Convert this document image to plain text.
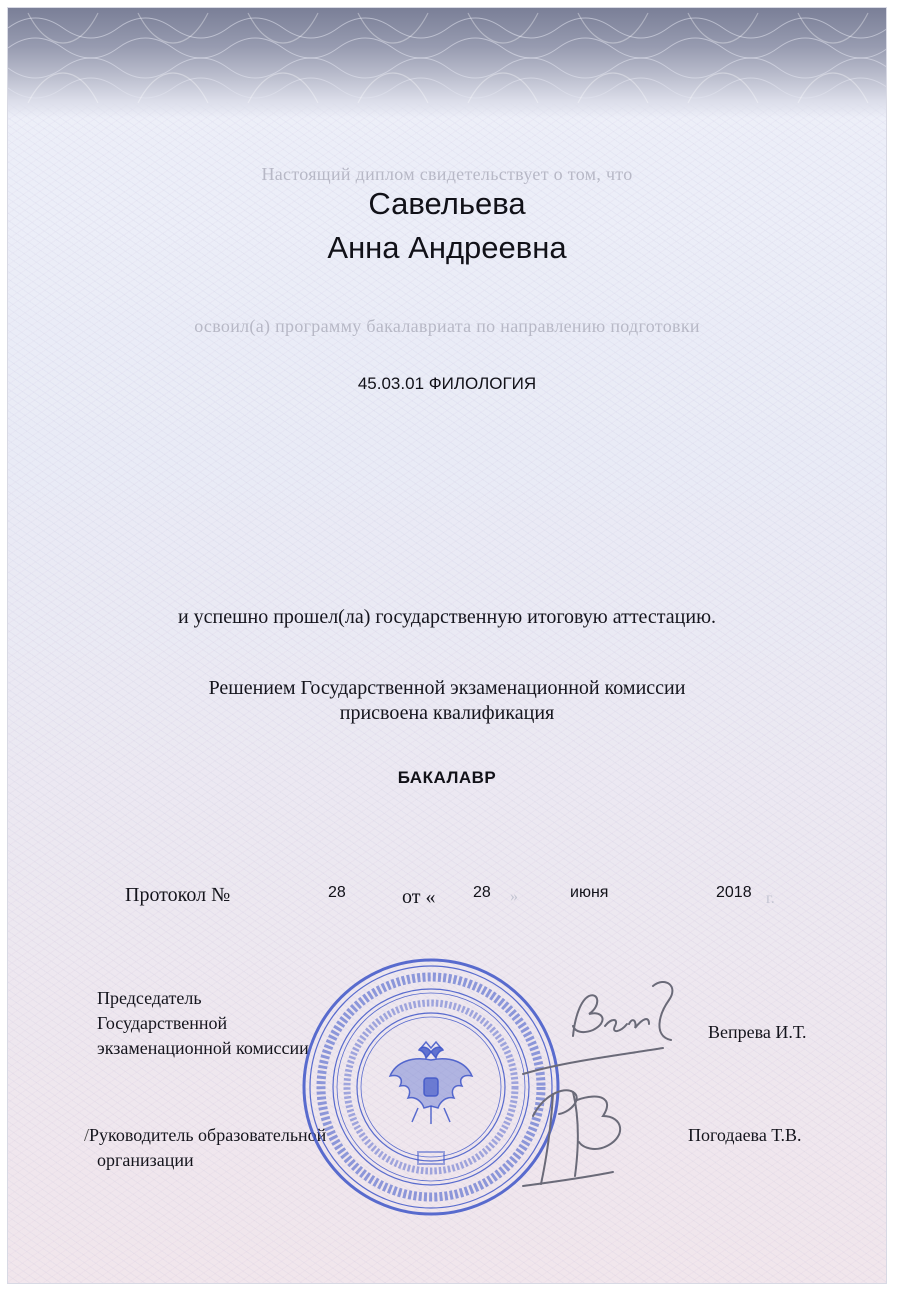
Настоящий диплом свидетельствует о том, что

Савельева

Анна Андреевна

освоил(а) программу бакалавриата по направлению подготовки

45.03.01 ФИЛОЛОГИЯ

и успешно прошел(ла) государственную итоговую аттестацию.

Решением Государственной экзаменационной комиссии

присвоена квалификация

БАКАЛАВР

Протокол №	28	от « 28 »	июня	2018 г.

Председатель
Государственной
экзаменационной комиссии

Вепрева И.Т.

/Руководитель образовательной
организации

Погодаева Т.В.
